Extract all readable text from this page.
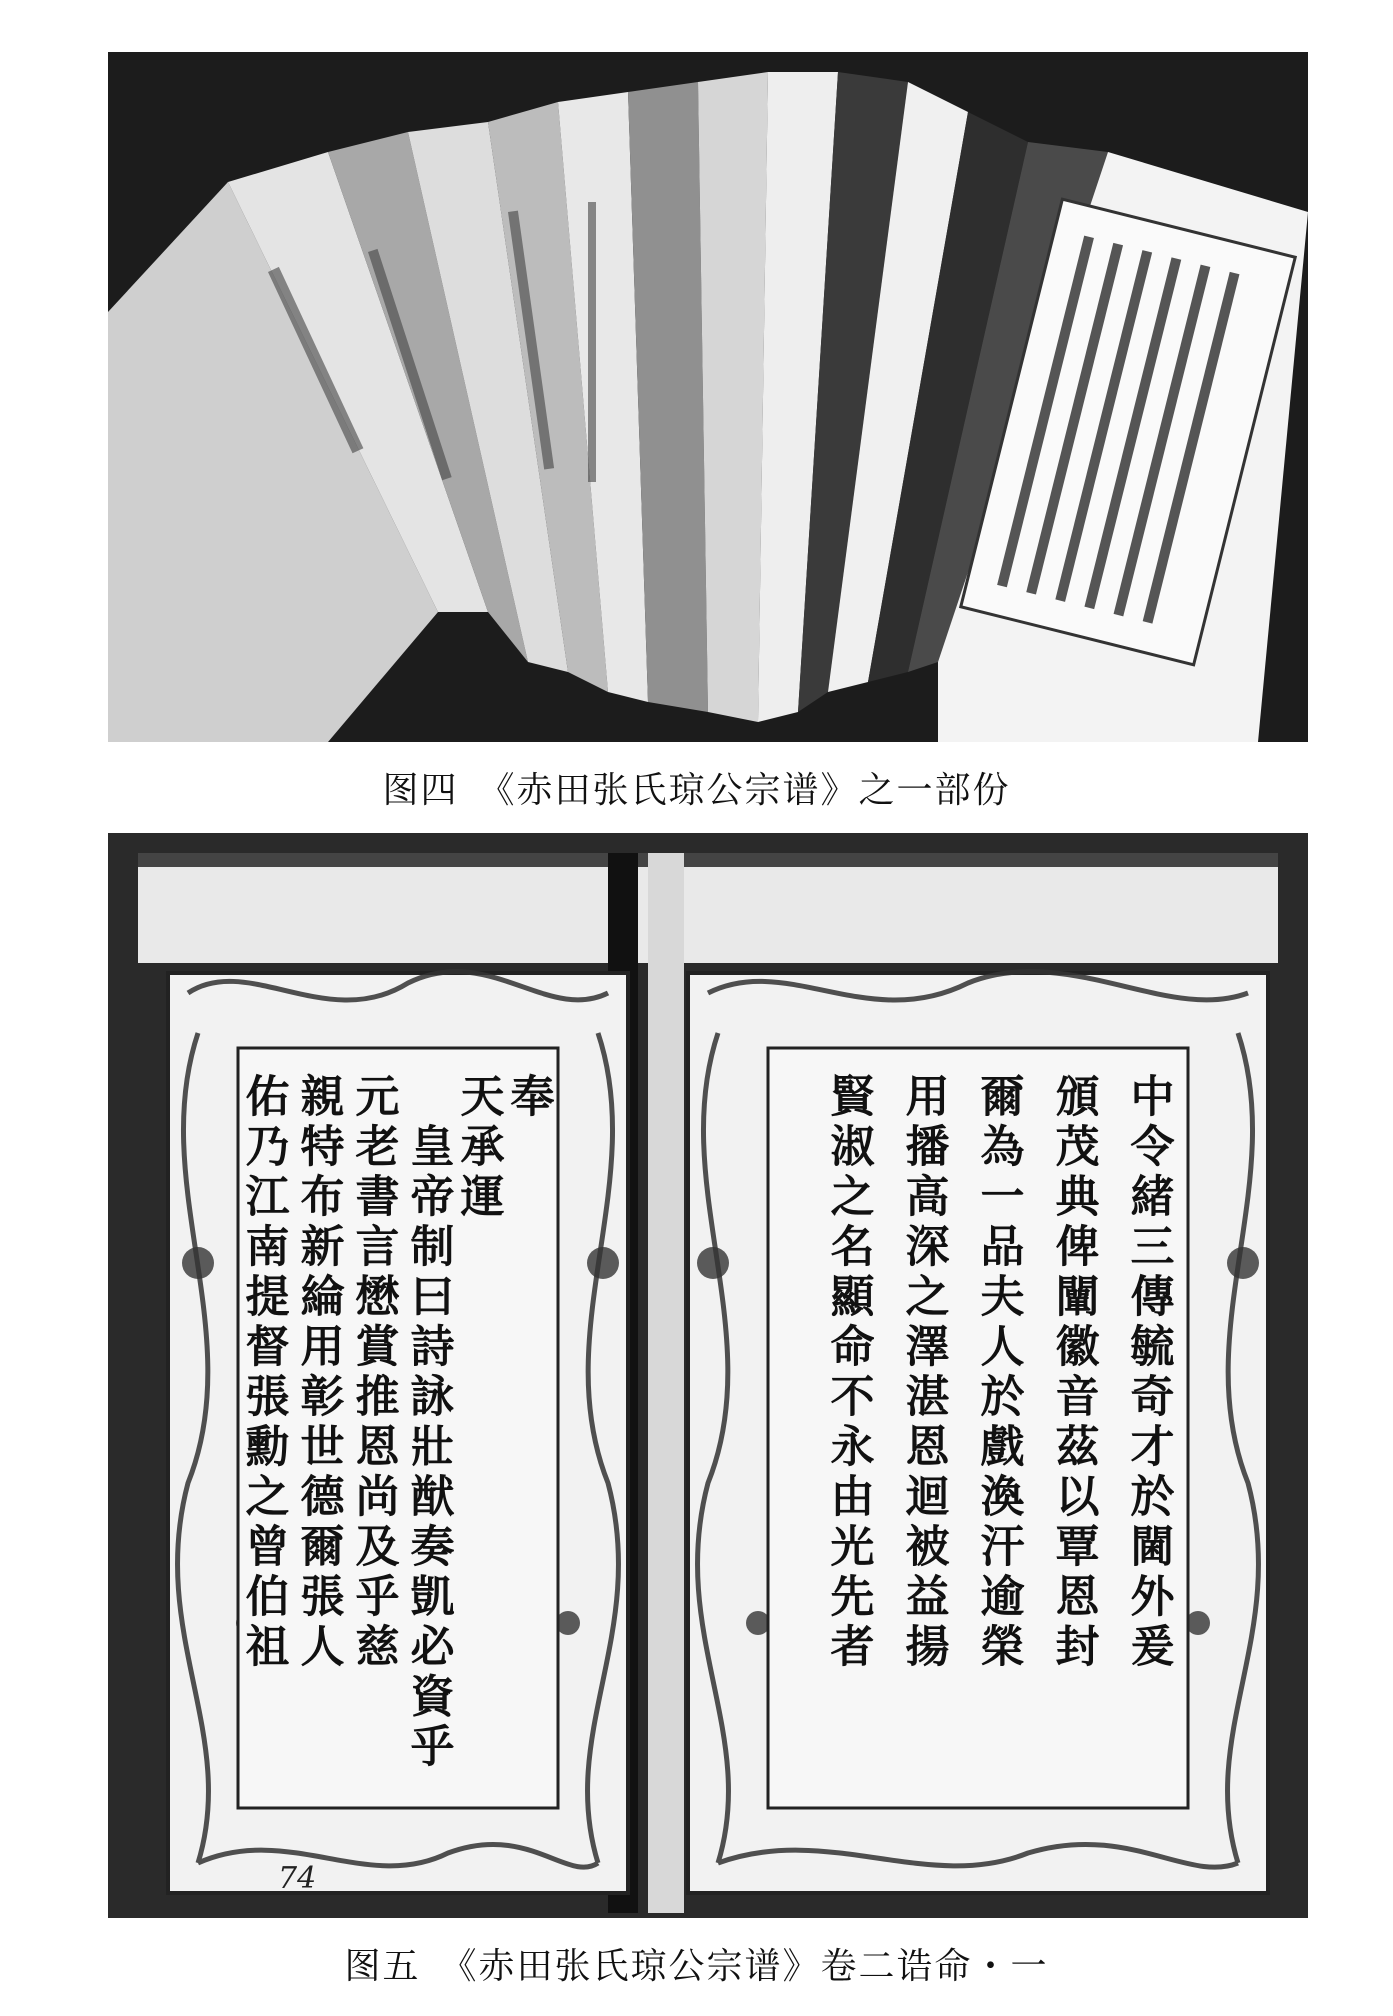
图四　《赤田张氏琼公宗谱》之一部份
奉
天承運
皇帝制曰詩詠壯猷奏凱必資乎
元老書言懋賞推恩尚及乎慈
親特布新綸用彰世德爾張人
佑乃江南提督張勳之曾伯祖	中令緒三傳毓奇才於閫外爰
頒茂典俾闡徽音茲以覃恩封
爾為一品夫人於戲渙汗逾榮
用播高深之澤湛恩迴被益揚
賢淑之名顯命不永由光先者
74
图五　《赤田张氏琼公宗谱》卷二诰命・一
